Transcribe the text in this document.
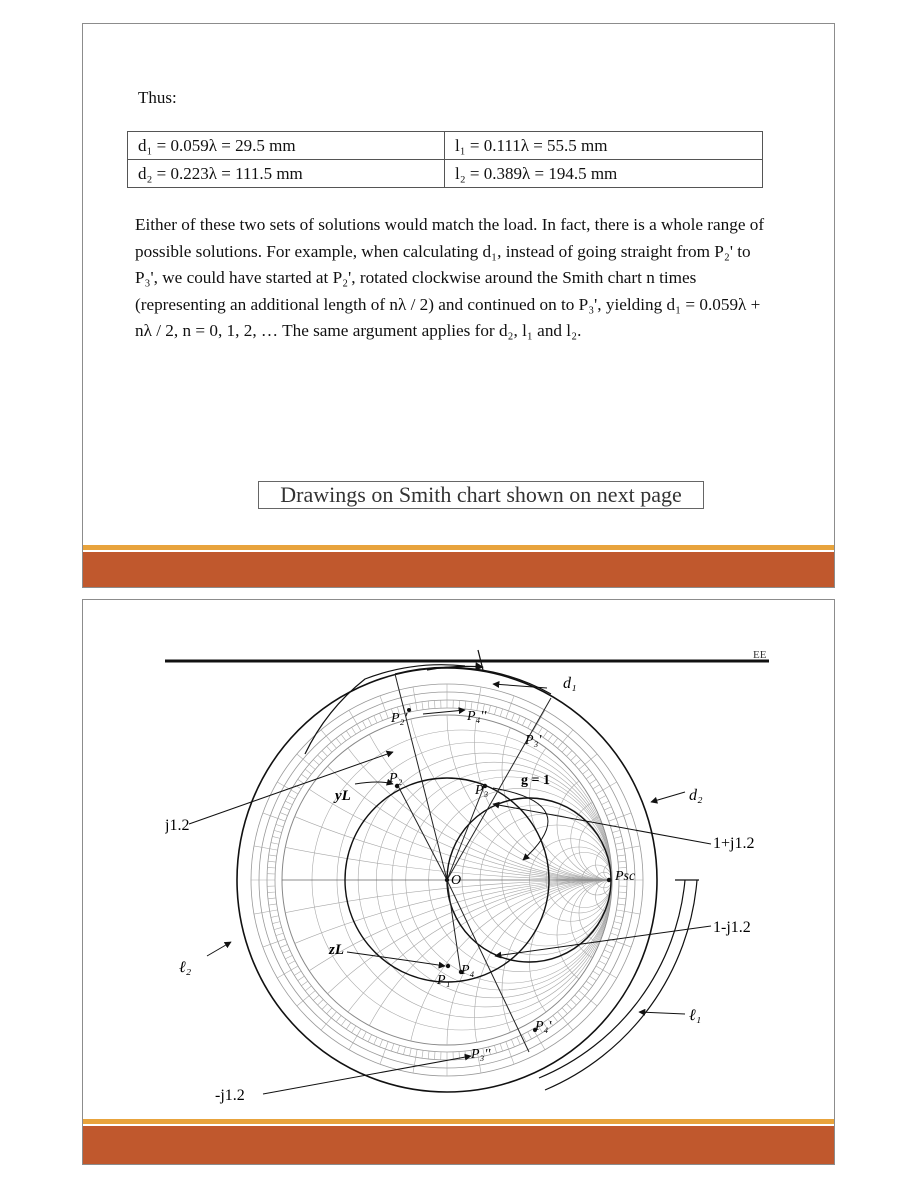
Thus:
d₁ = 0.059λ = 29.5 mm	l₁ = 0.111λ = 55.5 mm
d₂ = 0.223λ = 111.5 mm	l₂ = 0.389λ = 194.5 mm
Either of these two sets of solutions would match the load. In fact, there is a whole range of possible solutions. For example, when calculating d₁, instead of going straight from P₂' to P₃', we could have started at P₂', rotated clockwise around the Smith chart n times (representing an additional length of nλ / 2) and continued on to P₃', yielding d₁ = 0.059λ + nλ / 2, n = 0, 1, 2, … The same argument applies for d₂, l₁ and l₂.
Drawings on Smith chart shown on next page
EE
d₁
d₂
ℓ₁
ℓ₂
P₂'	P₄''
P₃'
P₂
P₃
g = 1
yL
O	Psc
zL
P₁
P₄
P₄'
P₃''
j1.2
1+j1.2
1-j1.2
-j1.2
